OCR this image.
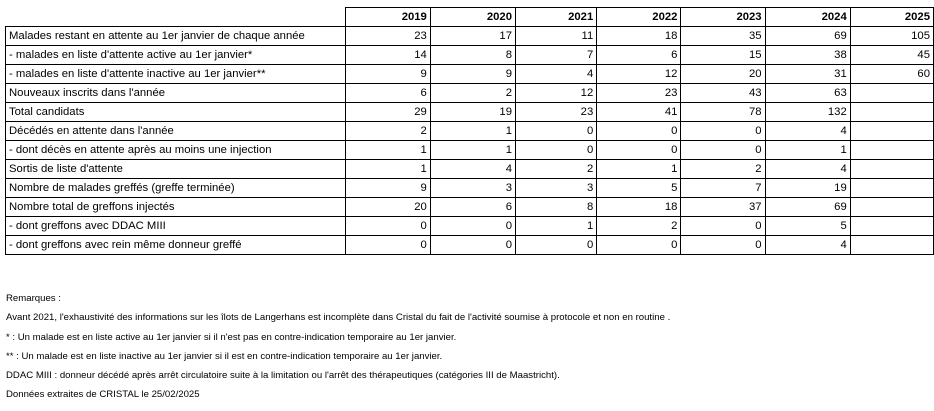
	2019	2020	2021	2022	2023	2024	2025
Malades restant en attente au 1er janvier de chaque année	23	17	11	18	35	69	105
- malades en liste d'attente active au 1er janvier*	14	8	7	6	15	38	45
- malades en liste d'attente inactive au 1er janvier**	9	9	4	12	20	31	60
Nouveaux inscrits dans l'année	6	2	12	23	43	63	
Total candidats	29	19	23	41	78	132	
Décédés en attente dans l'année	2	1	0	0	0	4	
- dont décès en attente après au moins une injection	1	1	0	0	0	1	
Sortis de liste d'attente	1	4	2	1	2	4	
Nombre de malades greffés (greffe terminée)	9	3	3	5	7	19	
Nombre total de greffons injectés	20	6	8	18	37	69	
- dont greffons avec DDAC MIII	0	0	1	2	0	5	
- dont greffons avec rein même donneur greffé	0	0	0	0	0	4	
Remarques :
Avant 2021, l'exhaustivité des informations sur les îlots de Langerhans est incomplète dans Cristal du fait de l'activité soumise à protocole et non en routine .
* : Un malade est en liste active au 1er janvier si il n'est pas en contre-indication temporaire au 1er janvier.
** : Un malade est en liste inactive au 1er janvier si il est en contre-indication temporaire au 1er janvier.
DDAC MIII : donneur décédé après arrêt circulatoire suite à la limitation ou l'arrêt des thérapeutiques (catégories III de Maastricht).
Données extraites de CRISTAL le 25/02/2025
